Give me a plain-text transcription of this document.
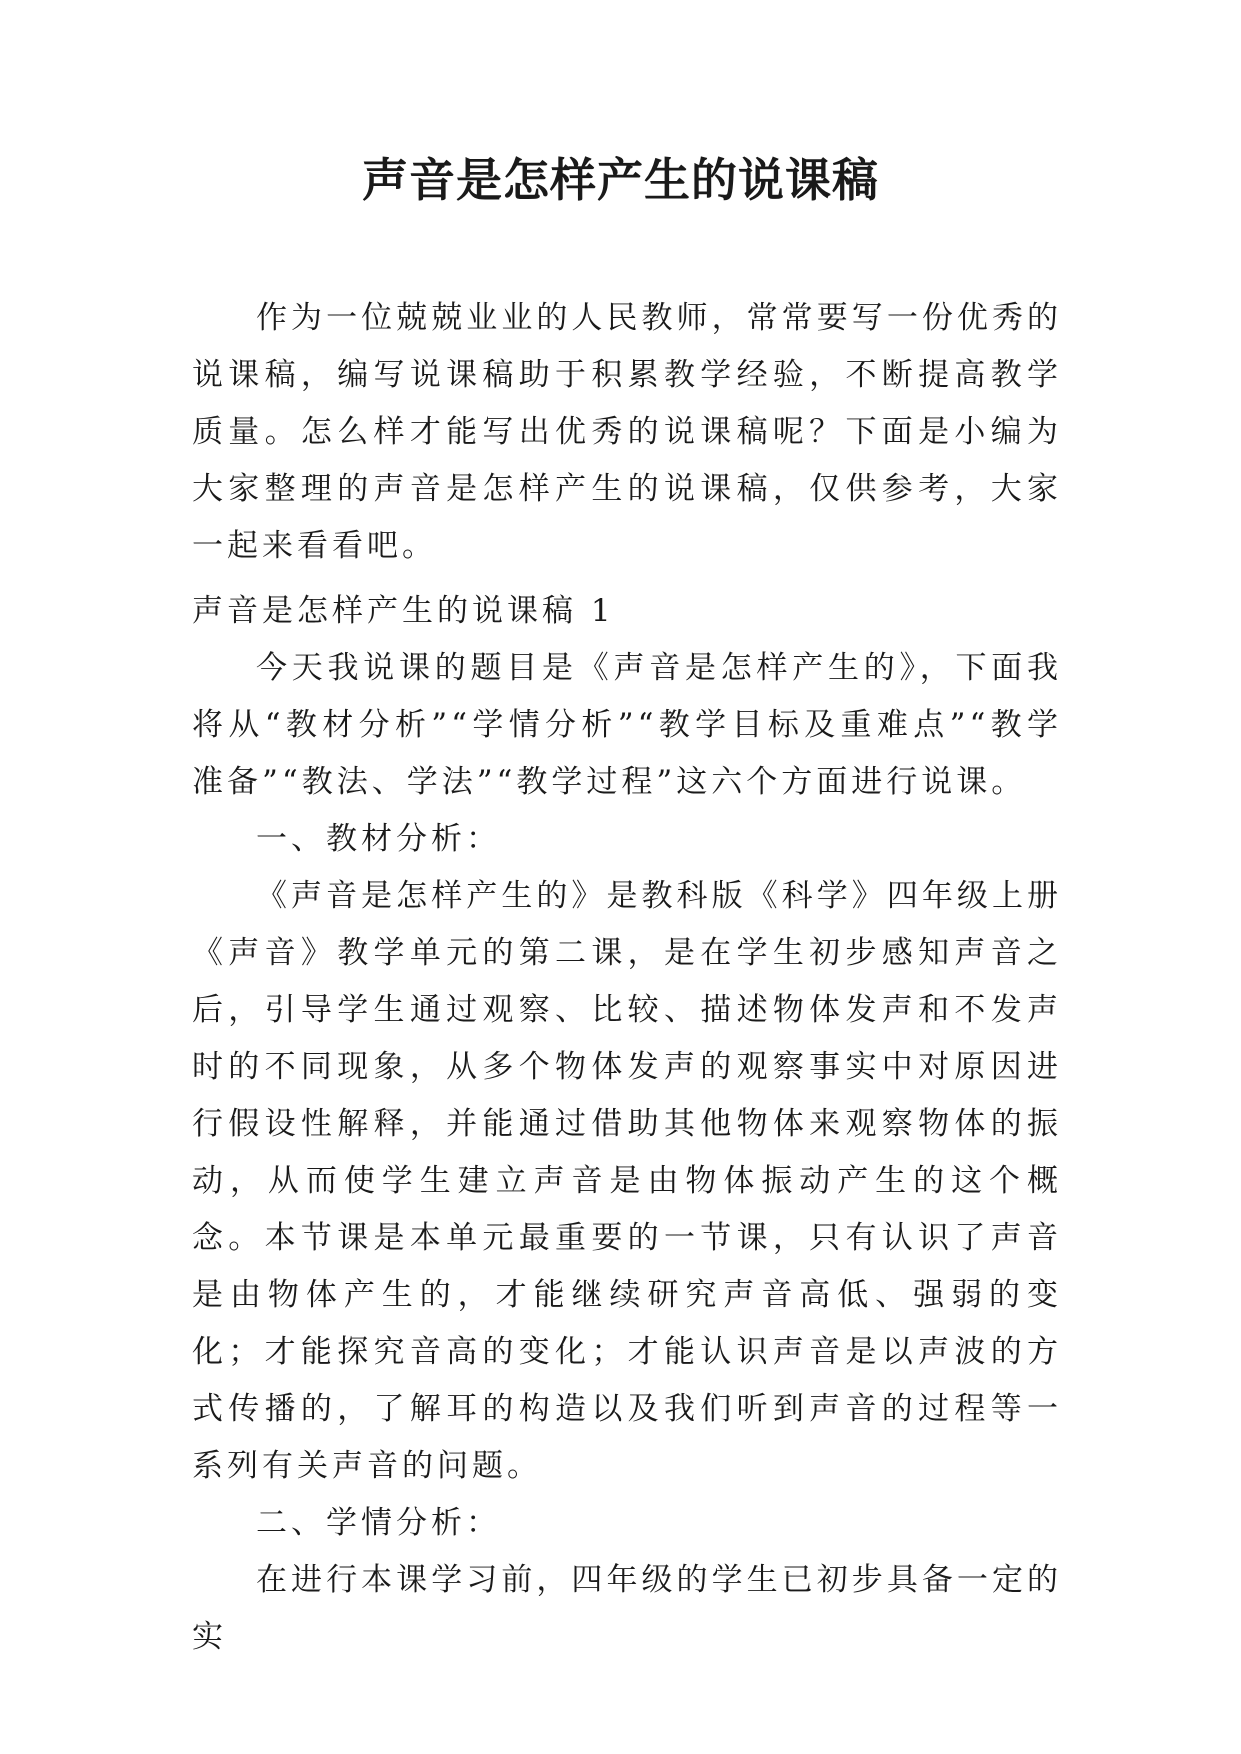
声音是怎样产生的说课稿

作为一位兢兢业业的人民教师，常常要写一份优秀的说课稿，编写说课稿助于积累教学经验，不断提高教学质量。怎么样才能写出优秀的说课稿呢？下面是小编为大家整理的声音是怎样产生的说课稿，仅供参考，大家一起来看看吧。

声音是怎样产生的说课稿 1

今天我说课的题目是《声音是怎样产生的》，下面我将从“教材分析”“学情分析”“教学目标及重难点”“教学准备”“教法、学法”“教学过程”这六个方面进行说课。

一、教材分析：

《声音是怎样产生的》是教科版《科学》四年级上册《声音》教学单元的第二课，是在学生初步感知声音之后，引导学生通过观察、比较、描述物体发声和不发声时的不同现象，从多个物体发声的观察事实中对原因进行假设性解释，并能通过借助其他物体来观察物体的振动，从而使学生建立声音是由物体振动产生的这个概念。本节课是本单元最重要的一节课，只有认识了声音是由物体产生的，才能继续研究声音高低、强弱的变化；才能探究音高的变化；才能认识声音是以声波的方式传播的，了解耳的构造以及我们听到声音的过程等一系列有关声音的问题。

二、学情分析：

在进行本课学习前，四年级的学生已初步具备一定的实
